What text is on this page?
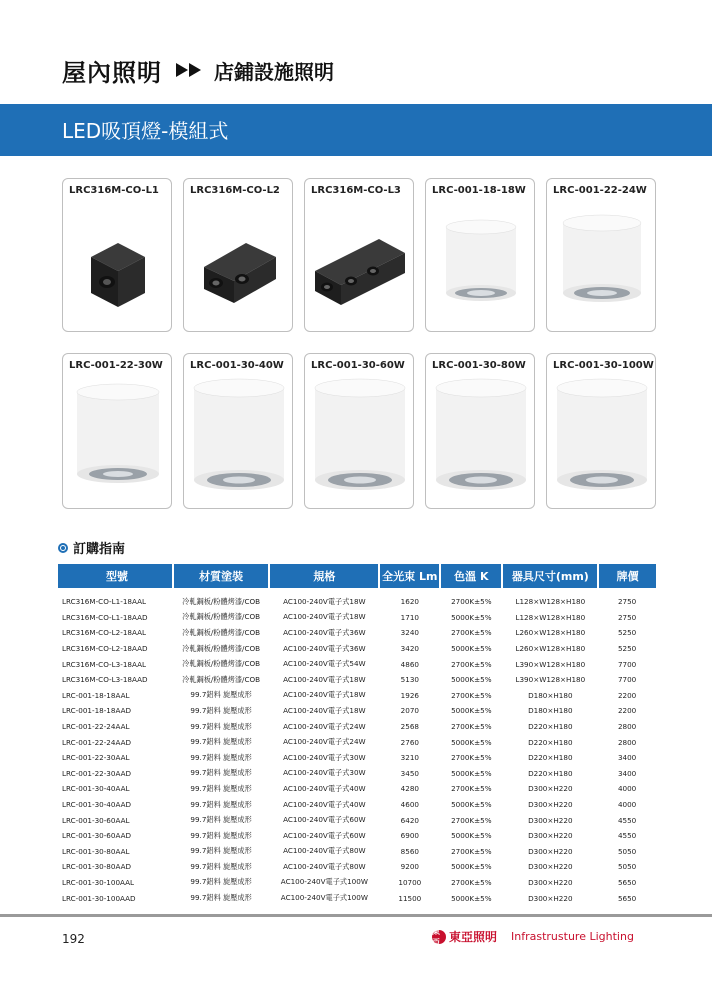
屋內照明	店鋪設施照明
LED吸頂燈-模組式
LRC316M-CO-L1	LRC316M-CO-L2	LRC316M-CO-L3	LRC-001-18-18W	LRC-001-22-24W
LRC-001-22-30W	LRC-001-30-40W	LRC-001-30-60W	LRC-001-30-80W	LRC-001-30-100W
訂購指南
型號	材質塗裝	規格	全光束 Lm	色溫 K	器具尺寸(mm)	牌價
LRC316M-CO-L1-18AAL	冷軋鋼板/粉體烤漆/COB	AC100-240V電子式18W	1620	2700K±5%	L128×W128×H180	2750
LRC316M-CO-L1-18AAD	冷軋鋼板/粉體烤漆/COB	AC100-240V電子式18W	1710	5000K±5%	L128×W128×H180	2750
LRC316M-CO-L2-18AAL	冷軋鋼板/粉體烤漆/COB	AC100-240V電子式36W	3240	2700K±5%	L260×W128×H180	5250
LRC316M-CO-L2-18AAD	冷軋鋼板/粉體烤漆/COB	AC100-240V電子式36W	3420	5000K±5%	L260×W128×H180	5250
LRC316M-CO-L3-18AAL	冷軋鋼板/粉體烤漆/COB	AC100-240V電子式54W	4860	2700K±5%	L390×W128×H180	7700
LRC316M-CO-L3-18AAD	冷軋鋼板/粉體烤漆/COB	AC100-240V電子式18W	5130	5000K±5%	L390×W128×H180	7700
LRC-001-18-18AAL	99.7鋁料 旋壓成形	AC100-240V電子式18W	1926	2700K±5%	D180×H180	2200
LRC-001-18-18AAD	99.7鋁料 旋壓成形	AC100-240V電子式18W	2070	5000K±5%	D180×H180	2200
LRC-001-22-24AAL	99.7鋁料 旋壓成形	AC100-240V電子式24W	2568	2700K±5%	D220×H180	2800
LRC-001-22-24AAD	99.7鋁料 旋壓成形	AC100-240V電子式24W	2760	5000K±5%	D220×H180	2800
LRC-001-22-30AAL	99.7鋁料 旋壓成形	AC100-240V電子式30W	3210	2700K±5%	D220×H180	3400
LRC-001-22-30AAD	99.7鋁料 旋壓成形	AC100-240V電子式30W	3450	5000K±5%	D220×H180	3400
LRC-001-30-40AAL	99.7鋁料 旋壓成形	AC100-240V電子式40W	4280	2700K±5%	D300×H220	4000
LRC-001-30-40AAD	99.7鋁料 旋壓成形	AC100-240V電子式40W	4600	5000K±5%	D300×H220	4000
LRC-001-30-60AAL	99.7鋁料 旋壓成形	AC100-240V電子式60W	6420	2700K±5%	D300×H220	4550
LRC-001-30-60AAD	99.7鋁料 旋壓成形	AC100-240V電子式60W	6900	5000K±5%	D300×H220	4550
LRC-001-30-80AAL	99.7鋁料 旋壓成形	AC100-240V電子式80W	8560	2700K±5%	D300×H220	5050
LRC-001-30-80AAD	99.7鋁料 旋壓成形	AC100-240V電子式80W	9200	5000K±5%	D300×H220	5050
LRC-001-30-100AAL	99.7鋁料 旋壓成形	AC100-240V電子式100W	10700	2700K±5%	D300×H220	5650
LRC-001-30-100AAD	99.7鋁料 旋壓成形	AC100-240V電子式100W	11500	5000K±5%	D300×H220	5650
192
東亞 東亞照明 Infrastrusture Lighting
